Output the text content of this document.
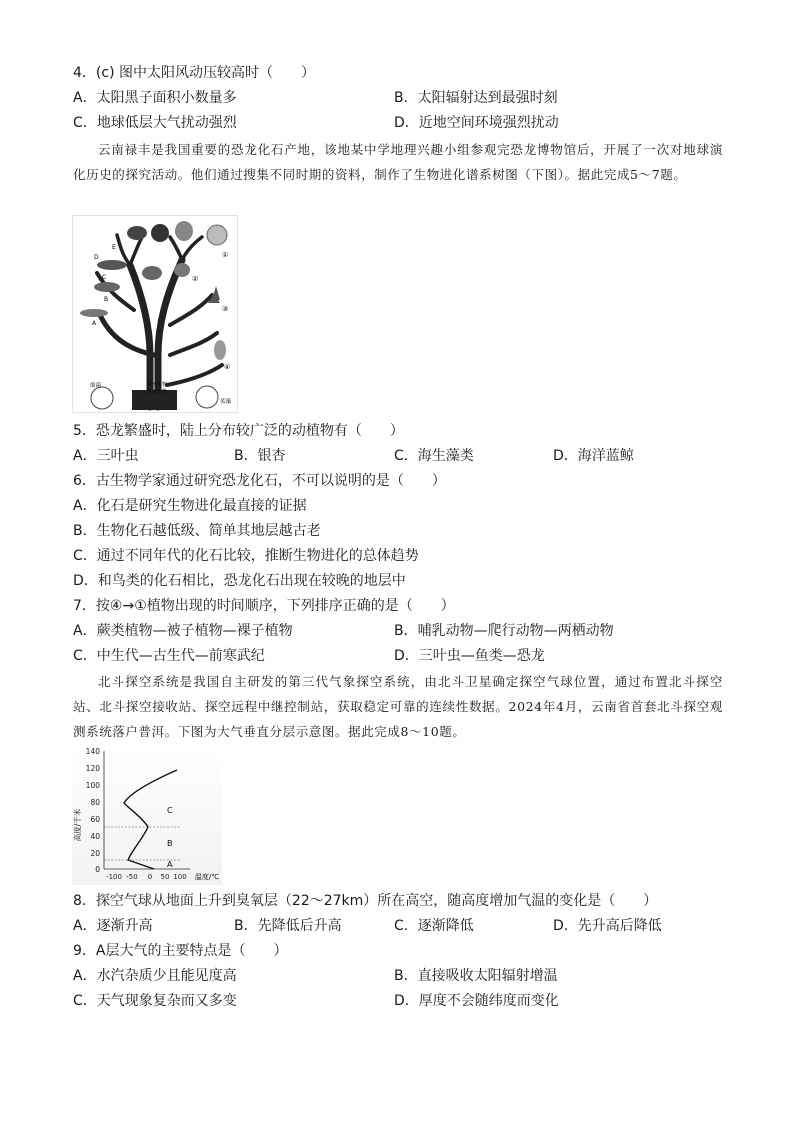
4．(c) 图中太阳风动压较高时（　　）
A．太阳黑子面积小数量多	B．太阳辐射达到最强时刻
C．地球低层大气扰动强烈	D．近地空间环境强烈扰动
云南禄丰是我国重要的恐龙化石产地，该地某中学地理兴趣小组参观完恐龙博物馆后，开展了一次对地球演化历史的探究活动。他们通过搜集不同时期的资料，制作了生物进化谱系树图（下图）。据此完成5～7题。
D
E
C
B
A
①
②
③
④
细菌	真核生物
原核生物
蓝藻
5．恐龙繁盛时，陆上分布较广泛的动植物有（　　）
A．三叶虫	B．银杏	C．海生藻类	D．海洋蓝鲸
6．古生物学家通过研究恐龙化石，不可以说明的是（　　）
A．化石是研究生物进化最直接的证据
B．生物化石越低级、简单其地层越古老
C．通过不同年代的化石比较，推断生物进化的总体趋势
D．和鸟类的化石相比，恐龙化石出现在较晚的地层中
7．按④→①植物出现的时间顺序，下列排序正确的是（　　）
A．蕨类植物—被子植物—裸子植物	B．哺乳动物—爬行动物—两栖动物
C．中生代—古生代—前寒武纪	D．三叶虫—鱼类—恐龙
北斗探空系统是我国自主研发的第三代气象探空系统，由北斗卫星确定探空气球位置，通过布置北斗探空站、北斗探空接收站、探空远程中继控制站，获取稳定可靠的连续性数据。2024年4月，云南省首套北斗探空观测系统落户普洱。下图为大气垂直分层示意图。据此完成8～10题。
高度/千米
140
120
100
80
60
40
20
0
-100 -50 0 50 100 温度/℃
C
B
A
8．探空气球从地面上升到臭氧层（22～27km）所在高空，随高度增加气温的变化是（　　）
A．逐渐升高	B．先降低后升高	C．逐渐降低	D．先升高后降低
9．A层大气的主要特点是（　　）
A．水汽杂质少且能见度高	B．直接吸收太阳辐射增温
C．天气现象复杂而又多变	D．厚度不会随纬度而变化
